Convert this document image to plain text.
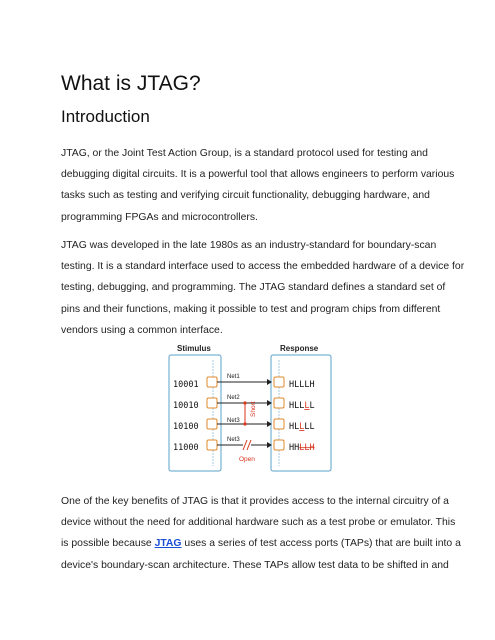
What is JTAG?
Introduction

JTAG, or the Joint Test Action Group, is a standard protocol used for testing and
debugging digital circuits. It is a powerful tool that allows engineers to perform various
tasks such as testing and verifying circuit functionality, debugging hardware, and
programming FPGAs and microcontrollers.

JTAG was developed in the late 1980s as an industry-standard for boundary-scan
testing. It is a standard interface used to access the embedded hardware of a device for
testing, debugging, and programming. The JTAG standard defines a standard set of
pins and their functions, making it possible to test and program chips from different
vendors using a common interface.

Stimulus	Response
10001
10010
10100
11000
Short
Open
Net1
Net2
Net3
Net3
HLLLH
HLLLL
HLLLL
HHLLH

One of the key benefits of JTAG is that it provides access to the internal circuitry of a
device without the need for additional hardware such as a test probe or emulator. This
is possible because JTAG uses a series of test access ports (TAPs) that are built into a
device's boundary-scan architecture. These TAPs allow test data to be shifted in and
